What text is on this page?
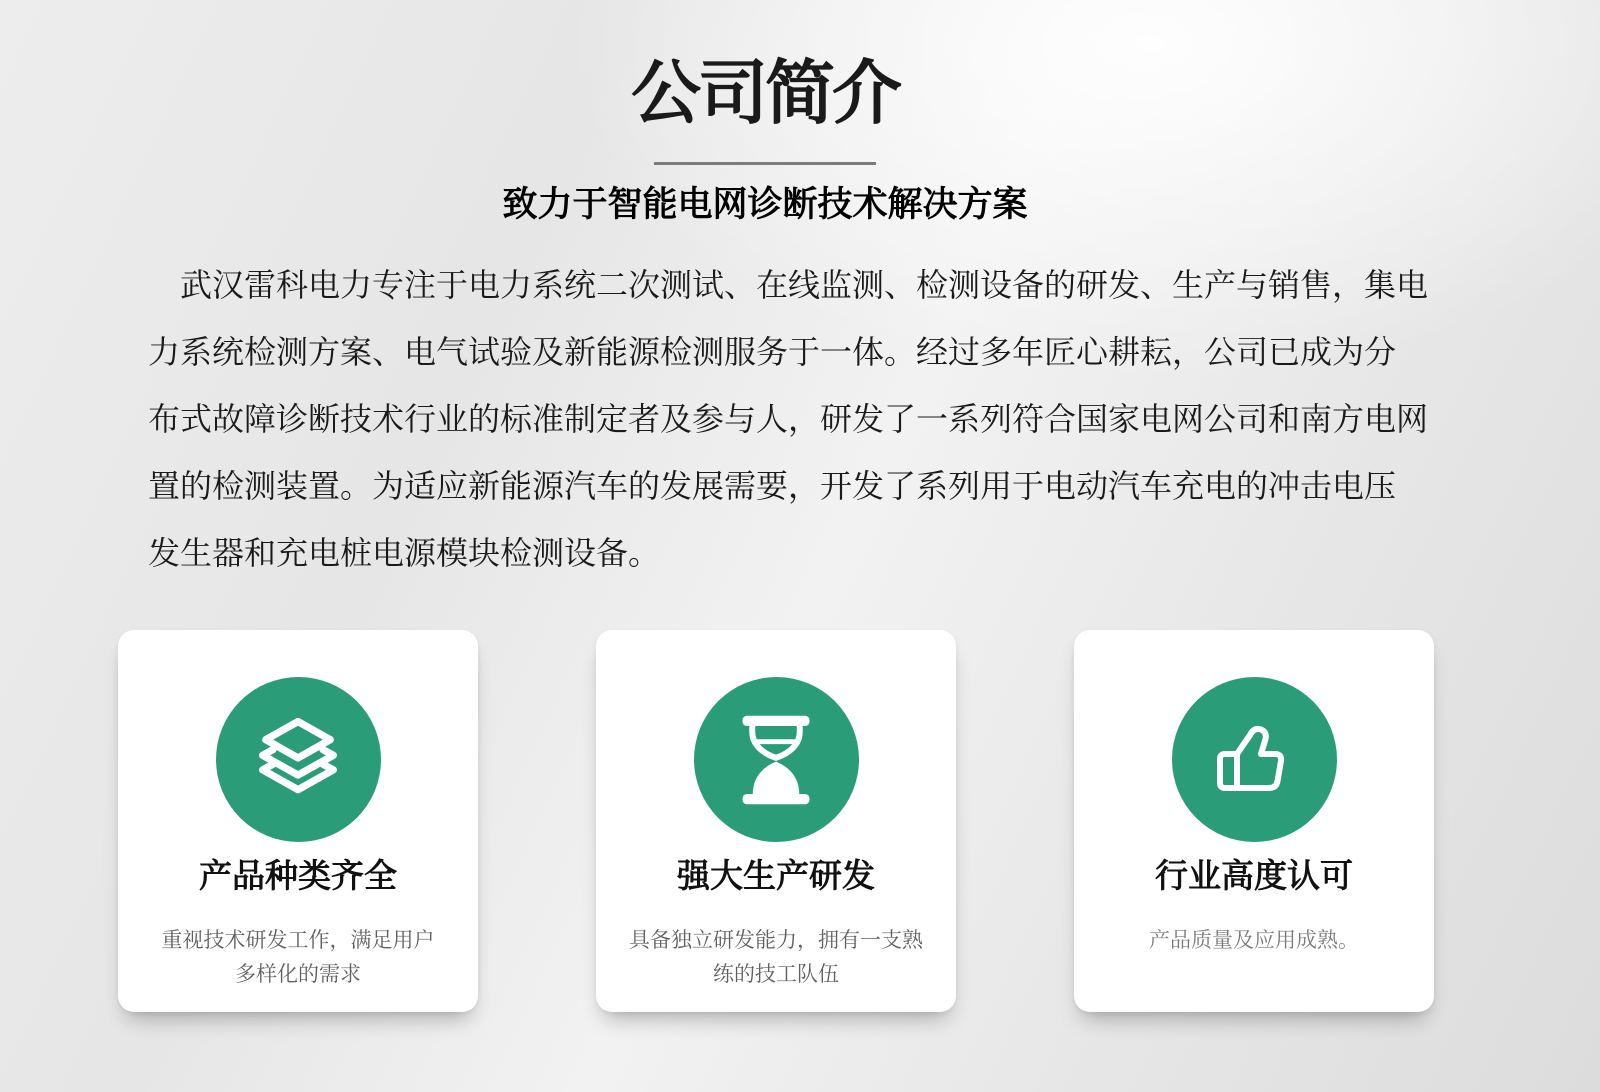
公司简介
致力于智能电网诊断技术解决方案

武汉雷科电力专注于电力系统二次测试、在线监测、检测设备的研发、生产与销售，集电

力系统检测方案、电气试验及新能源检测服务于一体。经过多年匠心耕耘，公司已成为分

布式故障诊断技术行业的标准制定者及参与人，研发了一系列符合国家电网公司和南方电网

置的检测装置。为适应新能源汽车的发展需要，开发了系列用于电动汽车充电的冲击电压

发生器和充电桩电源模块检测设备。

产品种类齐全

重视技术研发工作，满足用户
多样化的需求

强大生产研发

具备独立研发能力，拥有一支熟
练的技工队伍

行业高度认可

产品质量及应用成熟。
